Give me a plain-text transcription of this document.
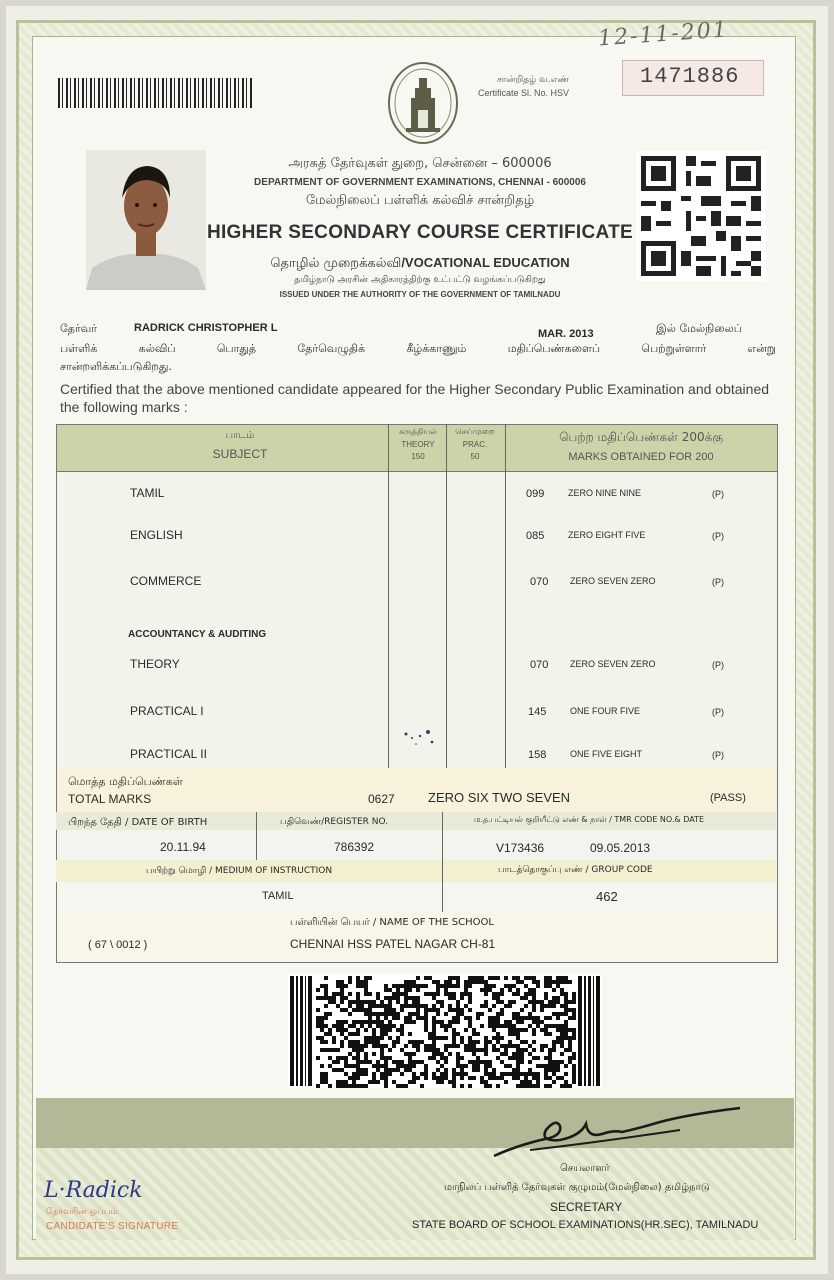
12-11-201
சான்றிதழ் வ.எண்
Certificate Sl. No. HSV
1471886
அரசுத் தேர்வுகள் துறை, சென்னை – 600006
DEPARTMENT OF GOVERNMENT EXAMINATIONS, CHENNAI - 600006
மேல்நிலைப் பள்ளிக் கல்விச் சான்றிதழ்
HIGHER SECONDARY COURSE CERTIFICATE
தொழில் முறைக்கல்வி/VOCATIONAL EDUCATION
தமிழ்நாடு அரசின் அதிகாரத்திற்கு உட்பட்டு வழங்கப்படுகிறது
ISSUED UNDER THE AUTHORITY OF THE GOVERNMENT OF TAMILNADU
தேர்வர்	RADRICK CHRISTOPHER L	MAR. 2013	இல் மேல்நிலைப்
பள்ளிக் கல்விப் பொதுத் தேர்வெழுதிக் கீழ்க்காணும் மதிப்பெண்களைப் பெற்றுள்ளார் என்று
சான்றளிக்கப்படுகிறது.
Certified that the above mentioned candidate appeared for the Higher Secondary Public Examination and obtained the following marks :
பாடம்
SUBJECT
கருத்தியல்
THEORY
150
செய்முறை
PRAC.
50
பெற்ற மதிப்பெண்கள் 200க்கு
MARKS OBTAINED FOR 200
TAMIL	099	ZERO NINE NINE	(P)
ENGLISH	085	ZERO EIGHT FIVE	(P)
COMMERCE	070 ZERO SEVEN ZERO	(P)
ACCOUNTANCY & AUDITING
THEORY	070 ZERO SEVEN ZERO	(P)
PRACTICAL I	145	ONE FOUR FIVE	(P)
PRACTICAL II	158	ONE FIVE EIGHT	(P)
மொத்த மதிப்பெண்கள்
TOTAL MARKS	0627	ZERO SIX TWO SEVEN	(PASS)
பிறந்த தேதி / DATE OF BIRTH
20.11.94
பதிவெண்/REGISTER NO.
786392
ம.த.பட்டியல் குறியீட்டு எண் & நாள் / TMR CODE NO.& DATE
V173436	09.05.2013
பயிற்று மொழி / MEDIUM OF INSTRUCTION
TAMIL
பாடத்தொகுப்பு எண் / GROUP CODE
462
பள்ளியின் பெயர் / NAME OF THE SCHOOL
( 67 \ 0012 )	CHENNAI HSS PATEL NAGAR CH-81
L·Radick
தேர்வரின் ஒப்பம்
CANDIDATE'S SIGNATURE
செயலாளர்
மாநிலப் பள்ளித் தேர்வுகள் குழுமம்(மேல்நிலை) தமிழ்நாடு
SECRETARY
STATE BOARD OF SCHOOL EXAMINATIONS(HR.SEC), TAMILNADU
